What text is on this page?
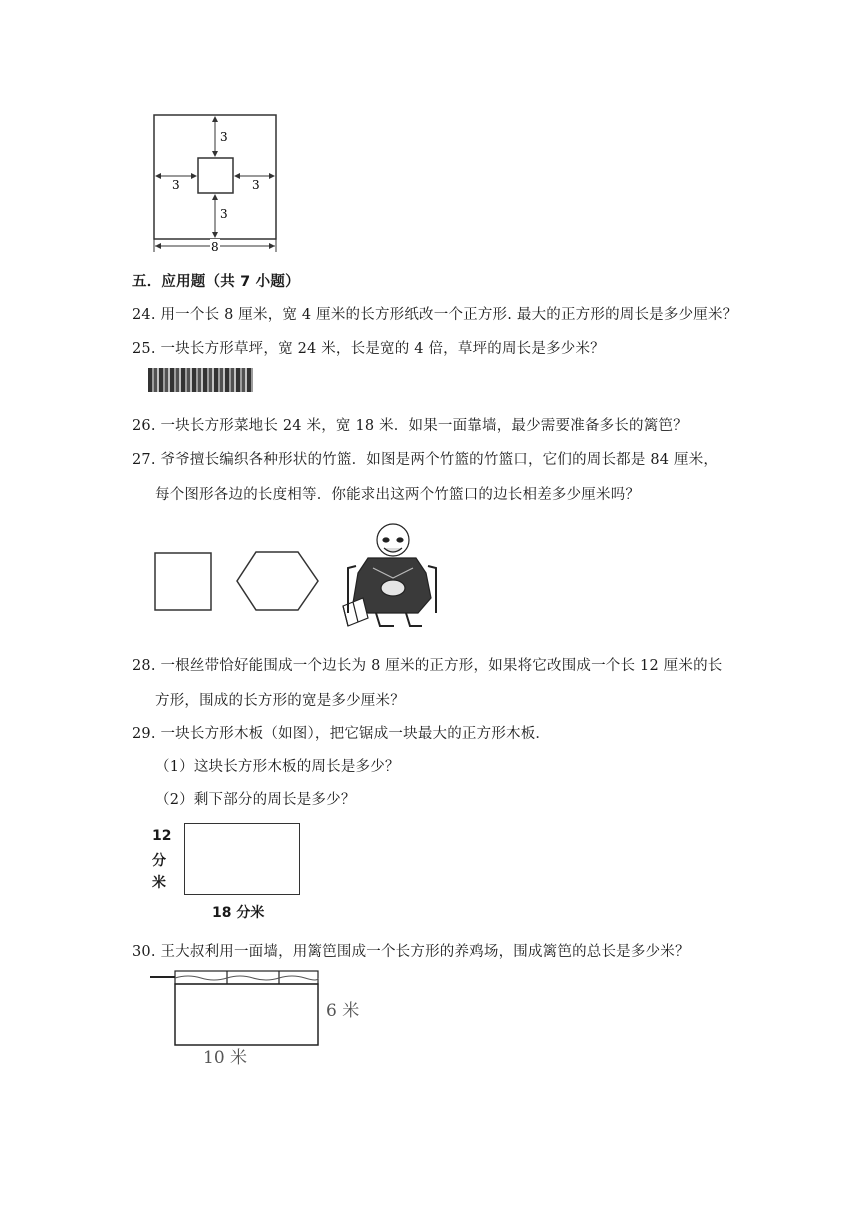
3
3
3	3
8
五．应用题（共 7 小题）
24. 用一个长 8 厘米，宽 4 厘米的长方形纸改一个正方形. 最大的正方形的周长是多少厘米？
25. 一块长方形草坪，宽 24 米，长是宽的 4 倍，草坪的周长是多少米？
26. 一块长方形菜地长 24 米，宽 18 米．如果一面靠墙，最少需要准备多长的篱笆？
27. 爷爷擅长编织各种形状的竹篮．如图是两个竹篮的竹篮口，它们的周长都是 84 厘米，
每个图形各边的长度相等．你能求出这两个竹篮口的边长相差多少厘米吗？
28. 一根丝带恰好能围成一个边长为 8 厘米的正方形，如果将它改围成一个长 12 厘米的长
方形，围成的长方形的宽是多少厘米？
29. 一块长方形木板（如图），把它锯成一块最大的正方形木板．
（1）这块长方形木板的周长是多少？
（2）剩下部分的周长是多少？
12
分
米
18 分米
30. 王大叔利用一面墙，用篱笆围成一个长方形的养鸡场，围成篱笆的总长是多少米？
6 米
10 米
